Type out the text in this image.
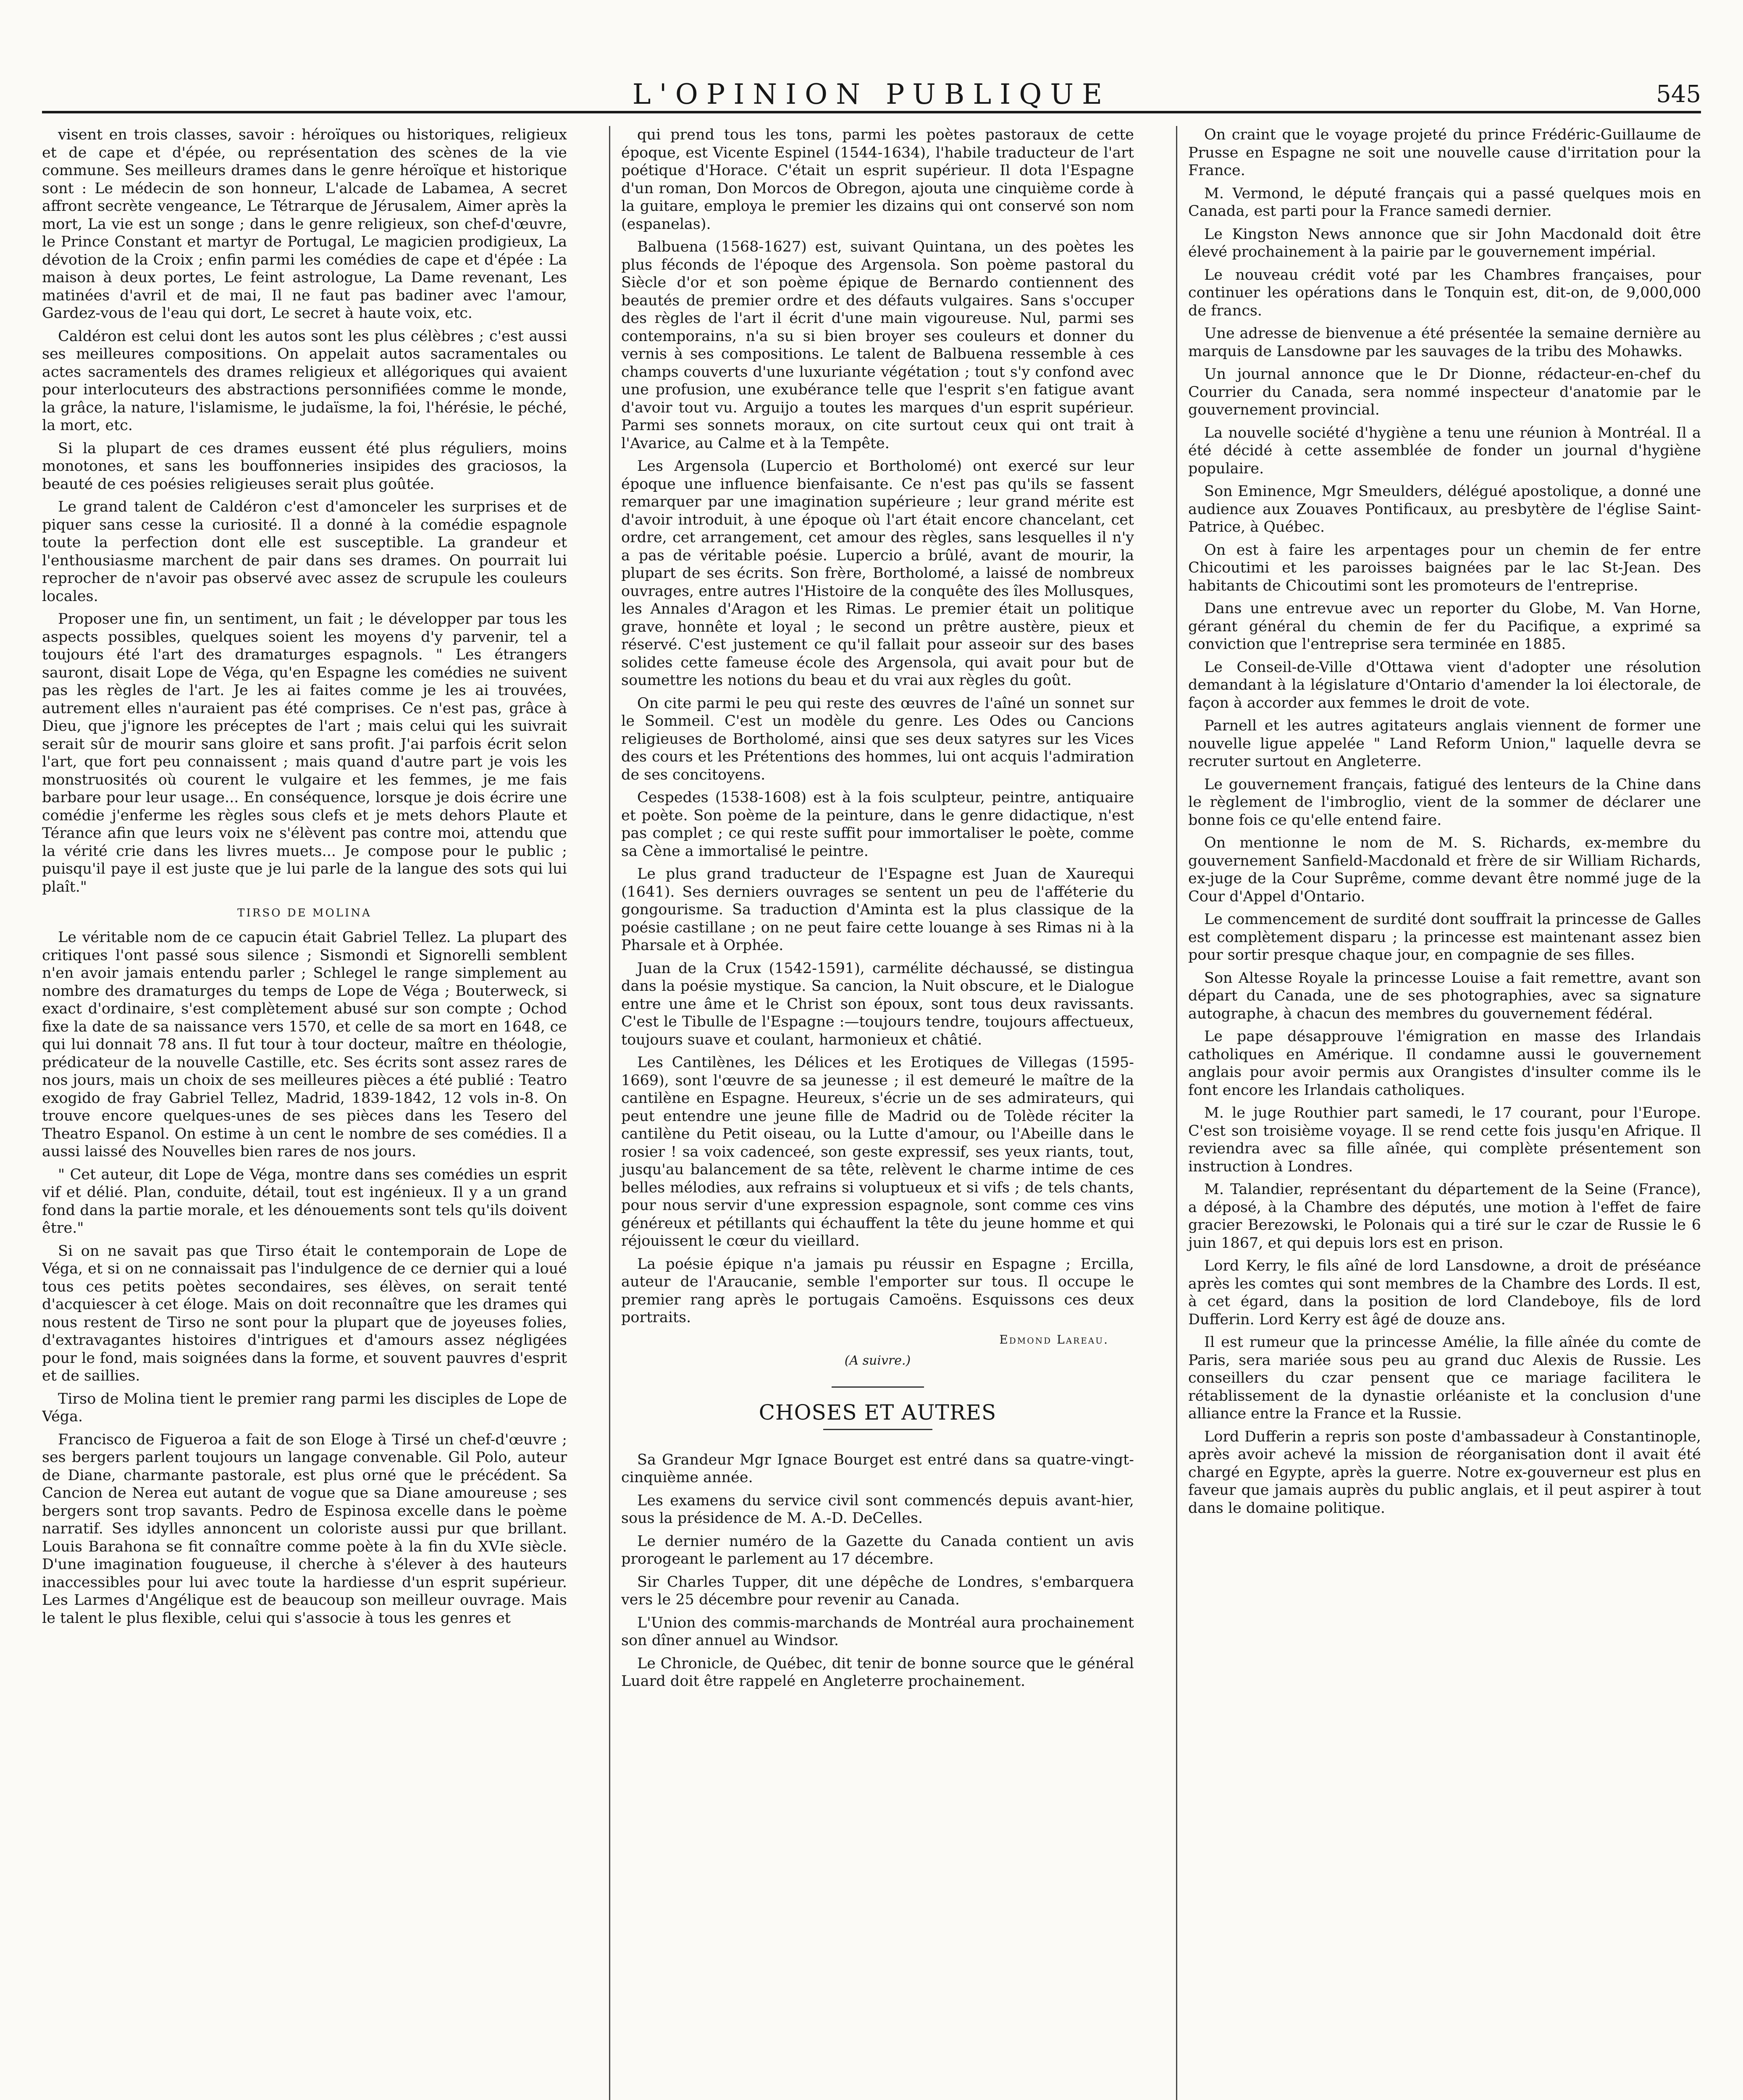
L'OPINION PUBLIQUE	545

visent en trois classes, savoir : héroïques ou historiques, religieux et de cape et d'épée, ou représentation des scènes de la vie commune. Ses meilleurs drames dans le genre héroïque et historique sont : Le médecin de son honneur, L'alcade de Labamea, A secret affront secrète vengeance, Le Tétrarque de Jérusalem, Aimer après la mort, La vie est un songe ; dans le genre religieux, son chef-d'œuvre, le Prince Constant et martyr de Portugal, Le magicien prodigieux, La dévotion de la Croix ; enfin parmi les comédies de cape et d'épée : La maison à deux portes, Le feint astrologue, La Dame revenant, Les matinées d'avril et de mai, Il ne faut pas badiner avec l'amour, Gardez-vous de l'eau qui dort, Le secret à haute voix, etc.

Caldéron est celui dont les autos sont les plus célèbres ; c'est aussi ses meilleures compositions. On appelait autos sacramentales ou actes sacramentels des drames religieux et allégoriques qui avaient pour interlocuteurs des abstractions personnifiées comme le monde, la grâce, la nature, l'islamisme, le judaïsme, la foi, l'hérésie, le péché, la mort, etc.

Si la plupart de ces drames eussent été plus réguliers, moins monotones, et sans les bouffonneries insipides des graciosos, la beauté de ces poésies religieuses serait plus goûtée.

Le grand talent de Caldéron c'est d'amonceler les surprises et de piquer sans cesse la curiosité. Il a donné à la comédie espagnole toute la perfection dont elle est susceptible. La grandeur et l'enthousiasme marchent de pair dans ses drames. On pourrait lui reprocher de n'avoir pas observé avec assez de scrupule les couleurs locales.

Proposer une fin, un sentiment, un fait ; le développer par tous les aspects possibles, quelques soient les moyens d'y parvenir, tel a toujours été l'art des dramaturges espagnols. " Les étrangers sauront, disait Lope de Véga, qu'en Espagne les comédies ne suivent pas les règles de l'art. Je les ai faites comme je les ai trouvées, autrement elles n'auraient pas été comprises. Ce n'est pas, grâce à Dieu, que j'ignore les préceptes de l'art ; mais celui qui les suivrait serait sûr de mourir sans gloire et sans profit. J'ai parfois écrit selon l'art, que fort peu connaissent ; mais quand d'autre part je vois les monstruosités où courent le vulgaire et les femmes, je me fais barbare pour leur usage... En conséquence, lorsque je dois écrire une comédie j'enferme les règles sous clefs et je mets dehors Plaute et Térance afin que leurs voix ne s'élèvent pas contre moi, attendu que la vérité crie dans les livres muets... Je compose pour le public ; puisqu'il paye il est juste que je lui parle de la langue des sots qui lui plaît."

TIRSO DE MOLINA

Le véritable nom de ce capucin était Gabriel Tellez. La plupart des critiques l'ont passé sous silence ; Sismondi et Signorelli semblent n'en avoir jamais entendu parler ; Schlegel le range simplement au nombre des dramaturges du temps de Lope de Véga ; Bouterweck, si exact d'ordinaire, s'est complètement abusé sur son compte ; Ochod fixe la date de sa naissance vers 1570, et celle de sa mort en 1648, ce qui lui donnait 78 ans. Il fut tour à tour docteur, maître en théologie, prédicateur de la nouvelle Castille, etc. Ses écrits sont assez rares de nos jours, mais un choix de ses meilleures pièces a été publié : Teatro exogido de fray Gabriel Tellez, Madrid, 1839-1842, 12 vols in-8. On trouve encore quelques-unes de ses pièces dans les Tesero del Theatro Espanol. On estime à un cent le nombre de ses comédies. Il a aussi laissé des Nouvelles bien rares de nos jours.

" Cet auteur, dit Lope de Véga, montre dans ses comédies un esprit vif et délié. Plan, conduite, détail, tout est ingénieux. Il y a un grand fond dans la partie morale, et les dénouements sont tels qu'ils doivent être."

Si on ne savait pas que Tirso était le contemporain de Lope de Véga, et si on ne connaissait pas l'indulgence de ce dernier qui a loué tous ces petits poètes secondaires, ses élèves, on serait tenté d'acquiescer à cet éloge. Mais on doit reconnaître que les drames qui nous restent de Tirso ne sont pour la plupart que de joyeuses folies, d'extravagantes histoires d'intrigues et d'amours assez négligées pour le fond, mais soignées dans la forme, et souvent pauvres d'esprit et de saillies.

Tirso de Molina tient le premier rang parmi les disciples de Lope de Véga.

Francisco de Figueroa a fait de son Eloge à Tirsé un chef-d'œuvre ; ses bergers parlent toujours un langage convenable. Gil Polo, auteur de Diane, charmante pastorale, est plus orné que le précédent. Sa Cancion de Nerea eut autant de vogue que sa Diane amoureuse ; ses bergers sont trop savants. Pedro de Espinosa excelle dans le poème narratif. Ses idylles annoncent un coloriste aussi pur que brillant. Louis Barahona se fit connaître comme poète à la fin du XVIe siècle. D'une imagination fougueuse, il cherche à s'élever à des hauteurs inaccessibles pour lui avec toute la hardiesse d'un esprit supérieur. Les Larmes d'Angélique est de beaucoup son meilleur ouvrage. Mais le talent le plus flexible, celui qui s'associe à tous les genres et

qui prend tous les tons, parmi les poètes pastoraux de cette époque, est Vicente Espinel (1544-1634), l'habile traducteur de l'art poétique d'Horace. C'était un esprit supérieur. Il dota l'Espagne d'un roman, Don Morcos de Obregon, ajouta une cinquième corde à la guitare, employa le premier les dizains qui ont conservé son nom (espanelas).

Balbuena (1568-1627) est, suivant Quintana, un des poètes les plus féconds de l'époque des Argensola. Son poème pastoral du Siècle d'or et son poème épique de Bernardo contiennent des beautés de premier ordre et des défauts vulgaires. Sans s'occuper des règles de l'art il écrit d'une main vigoureuse. Nul, parmi ses contemporains, n'a su si bien broyer ses couleurs et donner du vernis à ses compositions. Le talent de Balbuena ressemble à ces champs couverts d'une luxuriante végétation ; tout s'y confond avec une profusion, une exubérance telle que l'esprit s'en fatigue avant d'avoir tout vu. Arguijo a toutes les marques d'un esprit supérieur. Parmi ses sonnets moraux, on cite surtout ceux qui ont trait à l'Avarice, au Calme et à la Tempête.

Les Argensola (Lupercio et Bortholomé) ont exercé sur leur époque une influence bienfaisante. Ce n'est pas qu'ils se fassent remarquer par une imagination supérieure ; leur grand mérite est d'avoir introduit, à une époque où l'art était encore chancelant, cet ordre, cet arrangement, cet amour des règles, sans lesquelles il n'y a pas de véritable poésie. Lupercio a brûlé, avant de mourir, la plupart de ses écrits. Son frère, Bortholomé, a laissé de nombreux ouvrages, entre autres l'Histoire de la conquête des îles Mollusques, les Annales d'Aragon et les Rimas. Le premier était un politique grave, honnête et loyal ; le second un prêtre austère, pieux et réservé. C'est justement ce qu'il fallait pour asseoir sur des bases solides cette fameuse école des Argensola, qui avait pour but de soumettre les notions du beau et du vrai aux règles du goût.

On cite parmi le peu qui reste des œuvres de l'aîné un sonnet sur le Sommeil. C'est un modèle du genre. Les Odes ou Cancions religieuses de Bortholomé, ainsi que ses deux satyres sur les Vices des cours et les Prétentions des hommes, lui ont acquis l'admiration de ses concitoyens.

Cespedes (1538-1608) est à la fois sculpteur, peintre, antiquaire et poète. Son poème de la peinture, dans le genre didactique, n'est pas complet ; ce qui reste suffit pour immortaliser le poète, comme sa Cène a immortalisé le peintre.

Le plus grand traducteur de l'Espagne est Juan de Xaurequi (1641). Ses derniers ouvrages se sentent un peu de l'afféterie du gongourisme. Sa traduction d'Aminta est la plus classique de la poésie castillane ; on ne peut faire cette louange à ses Rimas ni à la Pharsale et à Orphée.

Juan de la Crux (1542-1591), carmélite déchaussé, se distingua dans la poésie mystique. Sa cancion, la Nuit obscure, et le Dialogue entre une âme et le Christ son époux, sont tous deux ravissants. C'est le Tibulle de l'Espagne :—toujours tendre, toujours affectueux, toujours suave et coulant, harmonieux et châtié.

Les Cantilènes, les Délices et les Erotiques de Villegas (1595-1669), sont l'œuvre de sa jeunesse ; il est demeuré le maître de la cantilène en Espagne. Heureux, s'écrie un de ses admirateurs, qui peut entendre une jeune fille de Madrid ou de Tolède réciter la cantilène du Petit oiseau, ou la Lutte d'amour, ou l'Abeille dans le rosier ! sa voix cadenceé, son geste expressif, ses yeux riants, tout, jusqu'au balancement de sa tête, relèvent le charme intime de ces belles mélodies, aux refrains si voluptueux et si vifs ; de tels chants, pour nous servir d'une expression espagnole, sont comme ces vins généreux et pétillants qui échauffent la tête du jeune homme et qui réjouissent le cœur du vieillard.

La poésie épique n'a jamais pu réussir en Espagne ; Ercilla, auteur de l'Araucanie, semble l'emporter sur tous. Il occupe le premier rang après le portugais Camoëns. Esquissons ces deux portraits.

Edmond Lareau.
(A suivre.)
CHOSES ET AUTRES

Sa Grandeur Mgr Ignace Bourget est entré dans sa quatre-vingt-cinquième année.

Les examens du service civil sont commencés depuis avant-hier, sous la présidence de M. A.-D. DeCelles.

Le dernier numéro de la Gazette du Canada contient un avis prorogeant le parlement au 17 décembre.

Sir Charles Tupper, dit une dépêche de Londres, s'embarquera vers le 25 décembre pour revenir au Canada.

L'Union des commis-marchands de Montréal aura prochainement son dîner annuel au Windsor.

Le Chronicle, de Québec, dit tenir de bonne source que le général Luard doit être rappelé en Angleterre prochainement.

On craint que le voyage projeté du prince Frédéric-Guillaume de Prusse en Espagne ne soit une nouvelle cause d'irritation pour la France.

M. Vermond, le député français qui a passé quelques mois en Canada, est parti pour la France samedi dernier.

Le Kingston News annonce que sir John Macdonald doit être élevé prochainement à la pairie par le gouvernement impérial.

Le nouveau crédit voté par les Chambres françaises, pour continuer les opérations dans le Tonquin est, dit-on, de 9,000,000 de francs.

Une adresse de bienvenue a été présentée la semaine dernière au marquis de Lansdowne par les sauvages de la tribu des Mohawks.

Un journal annonce que le Dr Dionne, rédacteur-en-chef du Courrier du Canada, sera nommé inspecteur d'anatomie par le gouvernement provincial.

La nouvelle société d'hygiène a tenu une réunion à Montréal. Il a été décidé à cette assemblée de fonder un journal d'hygiène populaire.

Son Eminence, Mgr Smeulders, délégué apostolique, a donné une audience aux Zouaves Pontificaux, au presbytère de l'église Saint-Patrice, à Québec.

On est à faire les arpentages pour un chemin de fer entre Chicoutimi et les paroisses baignées par le lac St-Jean. Des habitants de Chicoutimi sont les promoteurs de l'entreprise.

Dans une entrevue avec un reporter du Globe, M. Van Horne, gérant général du chemin de fer du Pacifique, a exprimé sa conviction que l'entreprise sera terminée en 1885.

Le Conseil-de-Ville d'Ottawa vient d'adopter une résolution demandant à la législature d'Ontario d'amender la loi électorale, de façon à accorder aux femmes le droit de vote.

Parnell et les autres agitateurs anglais viennent de former une nouvelle ligue appelée " Land Reform Union," laquelle devra se recruter surtout en Angleterre.

Le gouvernement français, fatigué des lenteurs de la Chine dans le règlement de l'imbroglio, vient de la sommer de déclarer une bonne fois ce qu'elle entend faire.

On mentionne le nom de M. S. Richards, ex-membre du gouvernement Sanfield-Macdonald et frère de sir William Richards, ex-juge de la Cour Suprême, comme devant être nommé juge de la Cour d'Appel d'Ontario.

Le commencement de surdité dont souffrait la princesse de Galles est complètement disparu ; la princesse est maintenant assez bien pour sortir presque chaque jour, en compagnie de ses filles.

Son Altesse Royale la princesse Louise a fait remettre, avant son départ du Canada, une de ses photographies, avec sa signature autographe, à chacun des membres du gouvernement fédéral.

Le pape désapprouve l'émigration en masse des Irlandais catholiques en Amérique. Il condamne aussi le gouvernement anglais pour avoir permis aux Orangistes d'insulter comme ils le font encore les Irlandais catholiques.

M. le juge Routhier part samedi, le 17 courant, pour l'Europe. C'est son troisième voyage. Il se rend cette fois jusqu'en Afrique. Il reviendra avec sa fille aînée, qui complète présentement son instruction à Londres.

M. Talandier, représentant du département de la Seine (France), a déposé, à la Chambre des députés, une motion à l'effet de faire gracier Berezowski, le Polonais qui a tiré sur le czar de Russie le 6 juin 1867, et qui depuis lors est en prison.

Lord Kerry, le fils aîné de lord Lansdowne, a droit de préséance après les comtes qui sont membres de la Chambre des Lords. Il est, à cet égard, dans la position de lord Clandeboye, fils de lord Dufferin. Lord Kerry est âgé de douze ans.

Il est rumeur que la princesse Amélie, la fille aînée du comte de Paris, sera mariée sous peu au grand duc Alexis de Russie. Les conseillers du czar pensent que ce mariage facilitera le rétablissement de la dynastie orléaniste et la conclusion d'une alliance entre la France et la Russie.

Lord Dufferin a repris son poste d'ambassadeur à Constantinople, après avoir achevé la mission de réorganisation dont il avait été chargé en Egypte, après la guerre. Notre ex-gouverneur est plus en faveur que jamais auprès du public anglais, et il peut aspirer à tout dans le domaine politique.
